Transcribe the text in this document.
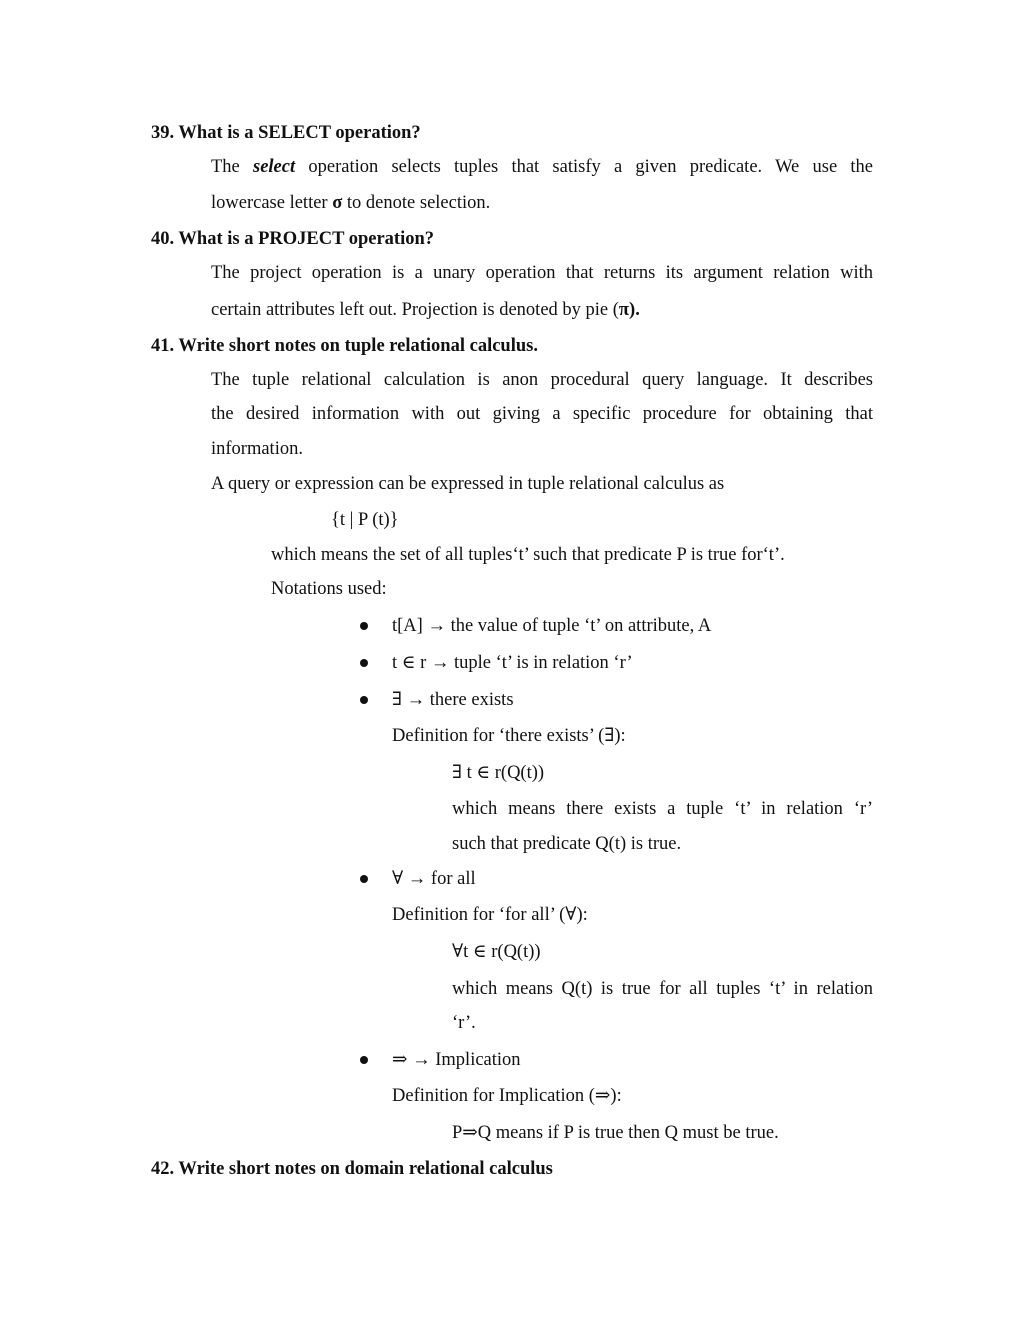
39. What is a SELECT operation?
The select operation selects tuples that satisfy a given predicate. We use the
lowercase letter σ to denote selection.
40. What is a PROJECT operation?
The project operation is a unary operation that returns its argument relation with
certain attributes left out. Projection is denoted by pie (π).
41. Write short notes on tuple relational calculus.
The tuple relational calculation is anon procedural query language. It describes
the desired information with out giving a specific procedure for obtaining that
information.
A query or expression can be expressed in tuple relational calculus as
{t | P (t)}
which means the set of all tuples‘t’ such that predicate P is true for‘t’.
Notations used:
t[A] → the value of tuple ‘t’ on attribute, A
t ∈ r → tuple ‘t’ is in relation ‘r’
∃ → there exists
Definition for ‘there exists’ (∃):
∃ t ∈ r(Q(t))
which means there exists a tuple ‘t’ in relation ‘r’
such that predicate Q(t) is true.
∀ → for all
Definition for ‘for all’ (∀):
∀t ∈ r(Q(t))
which means Q(t) is true for all tuples ‘t’ in relation
‘r’.
⇒ → Implication
Definition for Implication (⇒):
P⇒Q means if P is true then Q must be true.
42. Write short notes on domain relational calculus
